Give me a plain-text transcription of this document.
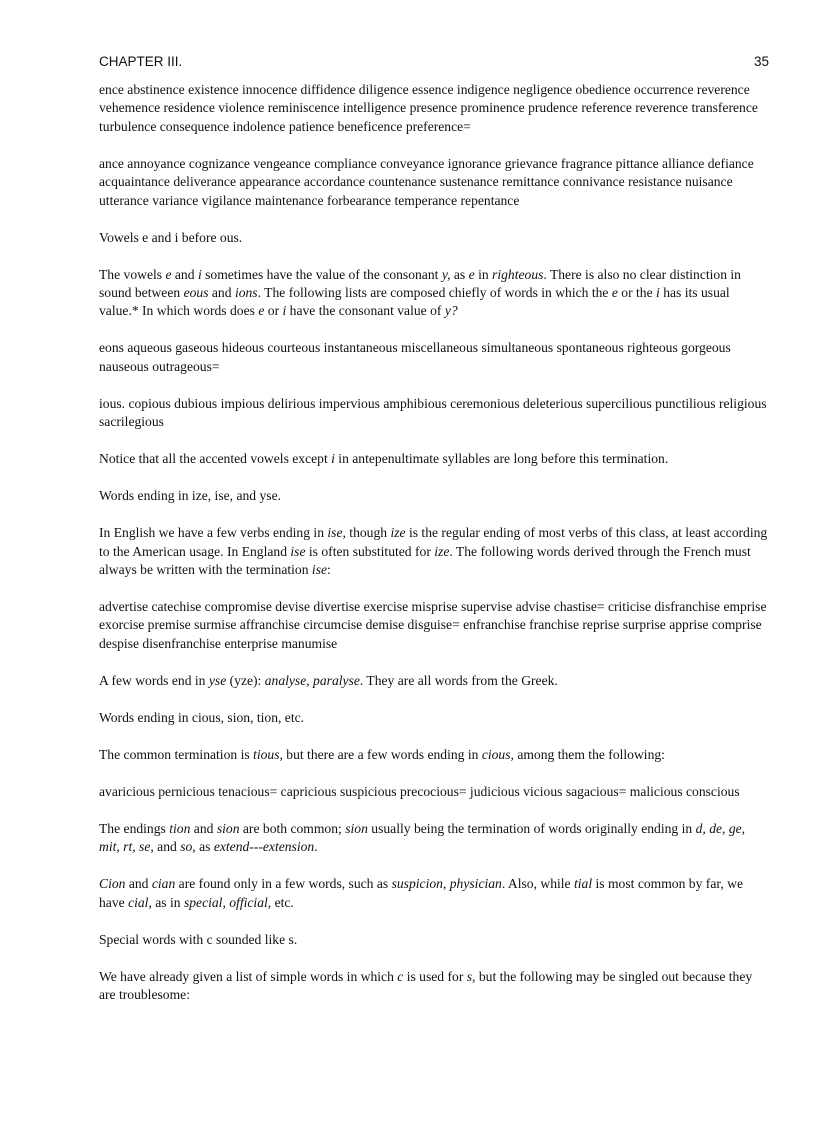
CHAPTER III.	35

ence abstinence existence innocence diffidence diligence essence indigence negligence obedience occurrence reverence vehemence residence violence reminiscence intelligence presence prominence prudence reference reverence transference turbulence consequence indolence patience beneficence preference=

ance annoyance cognizance vengeance compliance conveyance ignorance grievance fragrance pittance alliance defiance acquaintance deliverance appearance accordance countenance sustenance remittance connivance resistance nuisance utterance variance vigilance maintenance forbearance temperance repentance

Vowels e and i before ous.

The vowels e and i sometimes have the value of the consonant y, as e in righteous. There is also no clear distinction in sound between eous and ions. The following lists are composed chiefly of words in which the e or the i has its usual value.* In which words does e or i have the consonant value of y?

eons aqueous gaseous hideous courteous instantaneous miscellaneous simultaneous spontaneous righteous gorgeous nauseous outrageous=

ious. copious dubious impious delirious impervious amphibious ceremonious deleterious supercilious punctilious religious sacrilegious

Notice that all the accented vowels except i in antepenultimate syllables are long before this termination.

Words ending in ize, ise, and yse.

In English we have a few verbs ending in ise, though ize is the regular ending of most verbs of this class, at least according to the American usage. In England ise is often substituted for ize. The following words derived through the French must always be written with the termination ise:

advertise catechise compromise devise divertise exercise misprise supervise advise chastise= criticise disfranchise emprise exorcise premise surmise affranchise circumcise demise disguise= enfranchise franchise reprise surprise apprise comprise despise disenfranchise enterprise manumise

A few words end in yse (yze): analyse, paralyse. They are all words from the Greek.

Words ending in cious, sion, tion, etc.

The common termination is tious, but there are a few words ending in cious, among them the following:

avaricious pernicious tenacious= capricious suspicious precocious= judicious vicious sagacious= malicious conscious

The endings tion and sion are both common; sion usually being the termination of words originally ending in d, de, ge, mit, rt, se, and so, as extend---extension.

Cion and cian are found only in a few words, such as suspicion, physician. Also, while tial is most common by far, we have cial, as in special, official, etc.

Special words with c sounded like s.

We have already given a list of simple words in which c is used for s, but the following may be singled out because they are troublesome:
